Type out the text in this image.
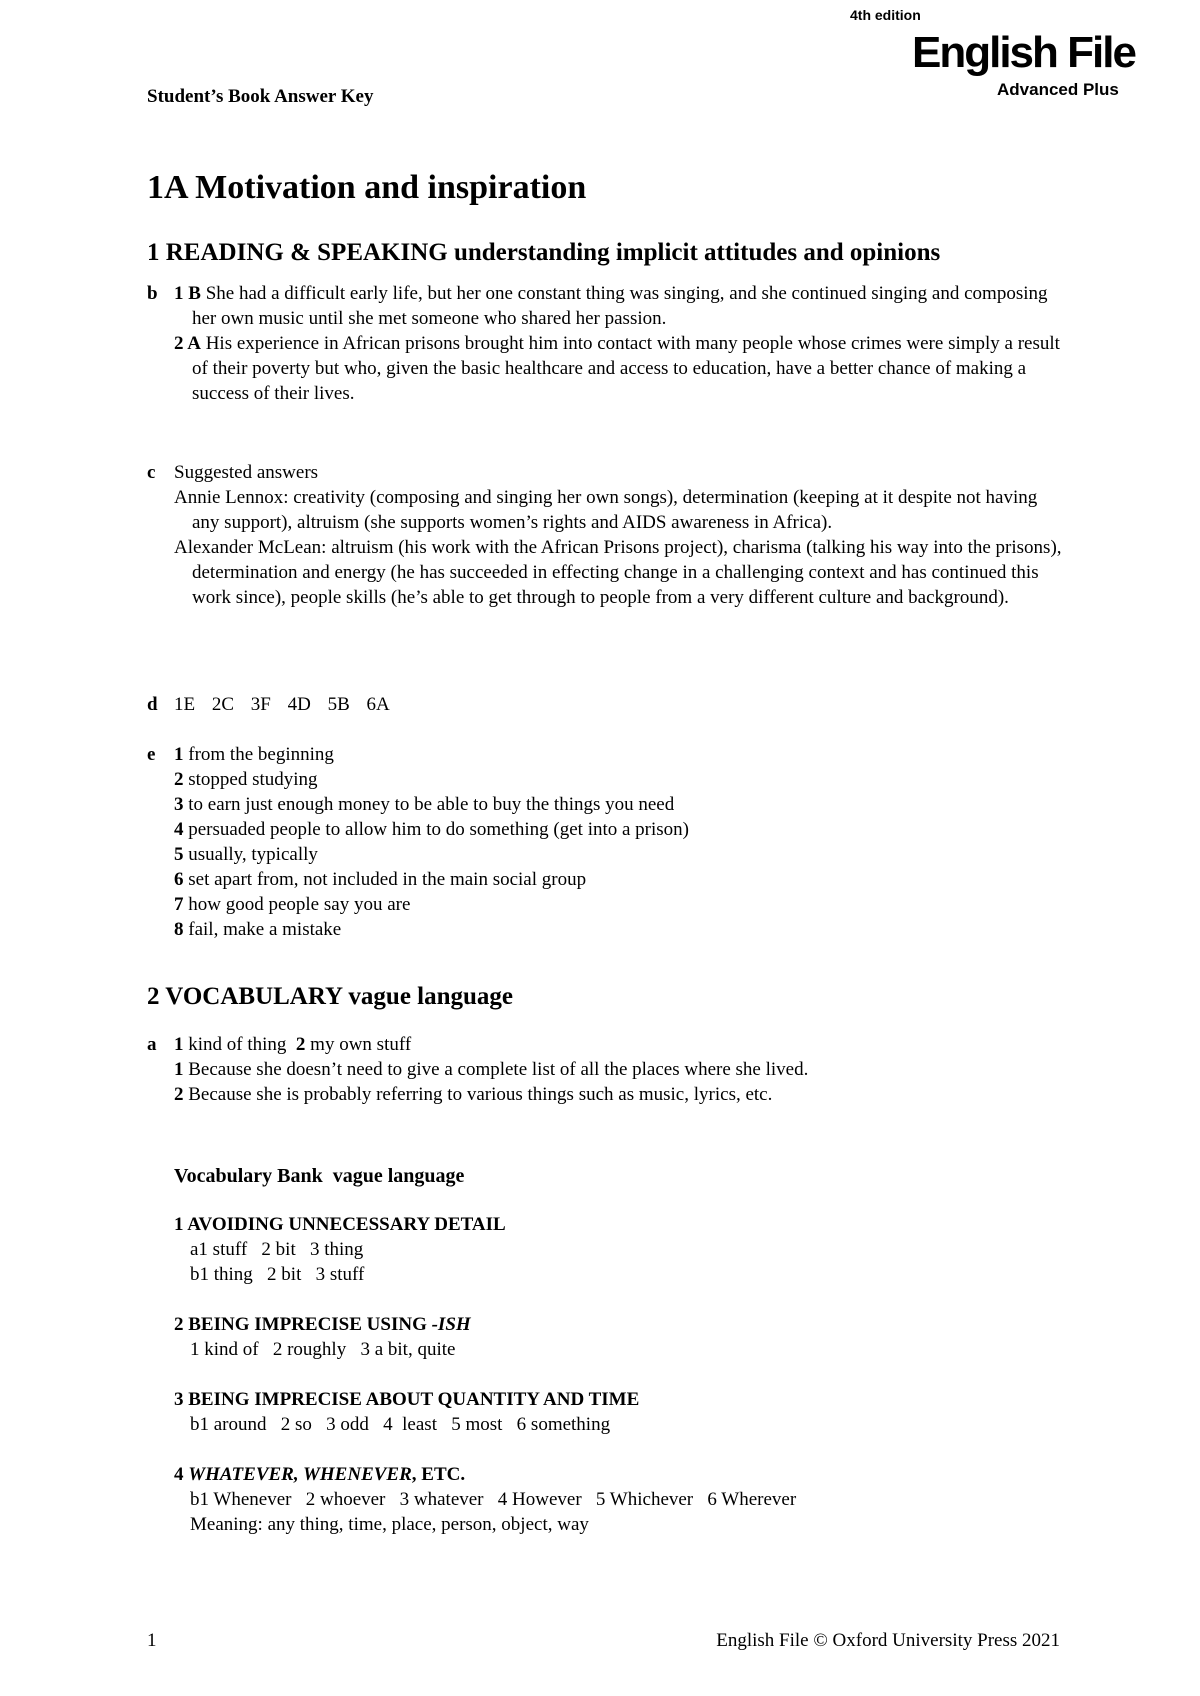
4th edition
English File
Advanced Plus
Student’s Book Answer Key
1A Motivation and inspiration
1 READING & SPEAKING understanding implicit attitudes and opinions
b 1 B She had a difficult early life, but her one constant thing was singing, and she continued singing and composing her own music until she met someone who shared her passion.

2 A His experience in African prisons brought him into contact with many people whose crimes were simply a result of their poverty but who, given the basic healthcare and access to education, have a better chance of making a success of their lives.

c Suggested answers

Annie Lennox: creativity (composing and singing her own songs), determination (keeping at it despite not having any support), altruism (she supports women’s rights and AIDS awareness in Africa).

Alexander McLean: altruism (his work with the African Prisons project), charisma (talking his way into the prisons), determination and energy (he has succeeded in effecting change in a challenging context and has continued this work since), people skills (he’s able to get through to people from a very different culture and background).

d 1E 2C 3F 4D 5B 6A
e 1 from the beginning

2 stopped studying

3 to earn just enough money to be able to buy the things you need

4 persuaded people to allow him to do something (get into a prison)

5 usually, typically

6 set apart from, not included in the main social group

7 how good people say you are

8 fail, make a mistake

2 VOCABULARY vague language
a 1 kind of thing  2 my own stuff

1 Because she doesn’t need to give a complete list of all the places where she lived.

2 Because she is probably referring to various things such as music, lyrics, etc.

Vocabulary Bank  vague language

1 AVOIDING UNNECESSARY DETAIL

a1 stuff   2 bit   3 thing

b1 thing   2 bit   3 stuff

2 BEING IMPRECISE USING -ISH

1 kind of   2 roughly   3 a bit, quite

3 BEING IMPRECISE ABOUT QUANTITY AND TIME

b1 around   2 so   3 odd   4  least   5 most   6 something

4 WHATEVER, WHENEVER, ETC.

b1 Whenever   2 whoever   3 whatever   4 However   5 Whichever   6 Wherever

Meaning: any thing, time, place, person, object, way

1	English File © Oxford University Press 2021
